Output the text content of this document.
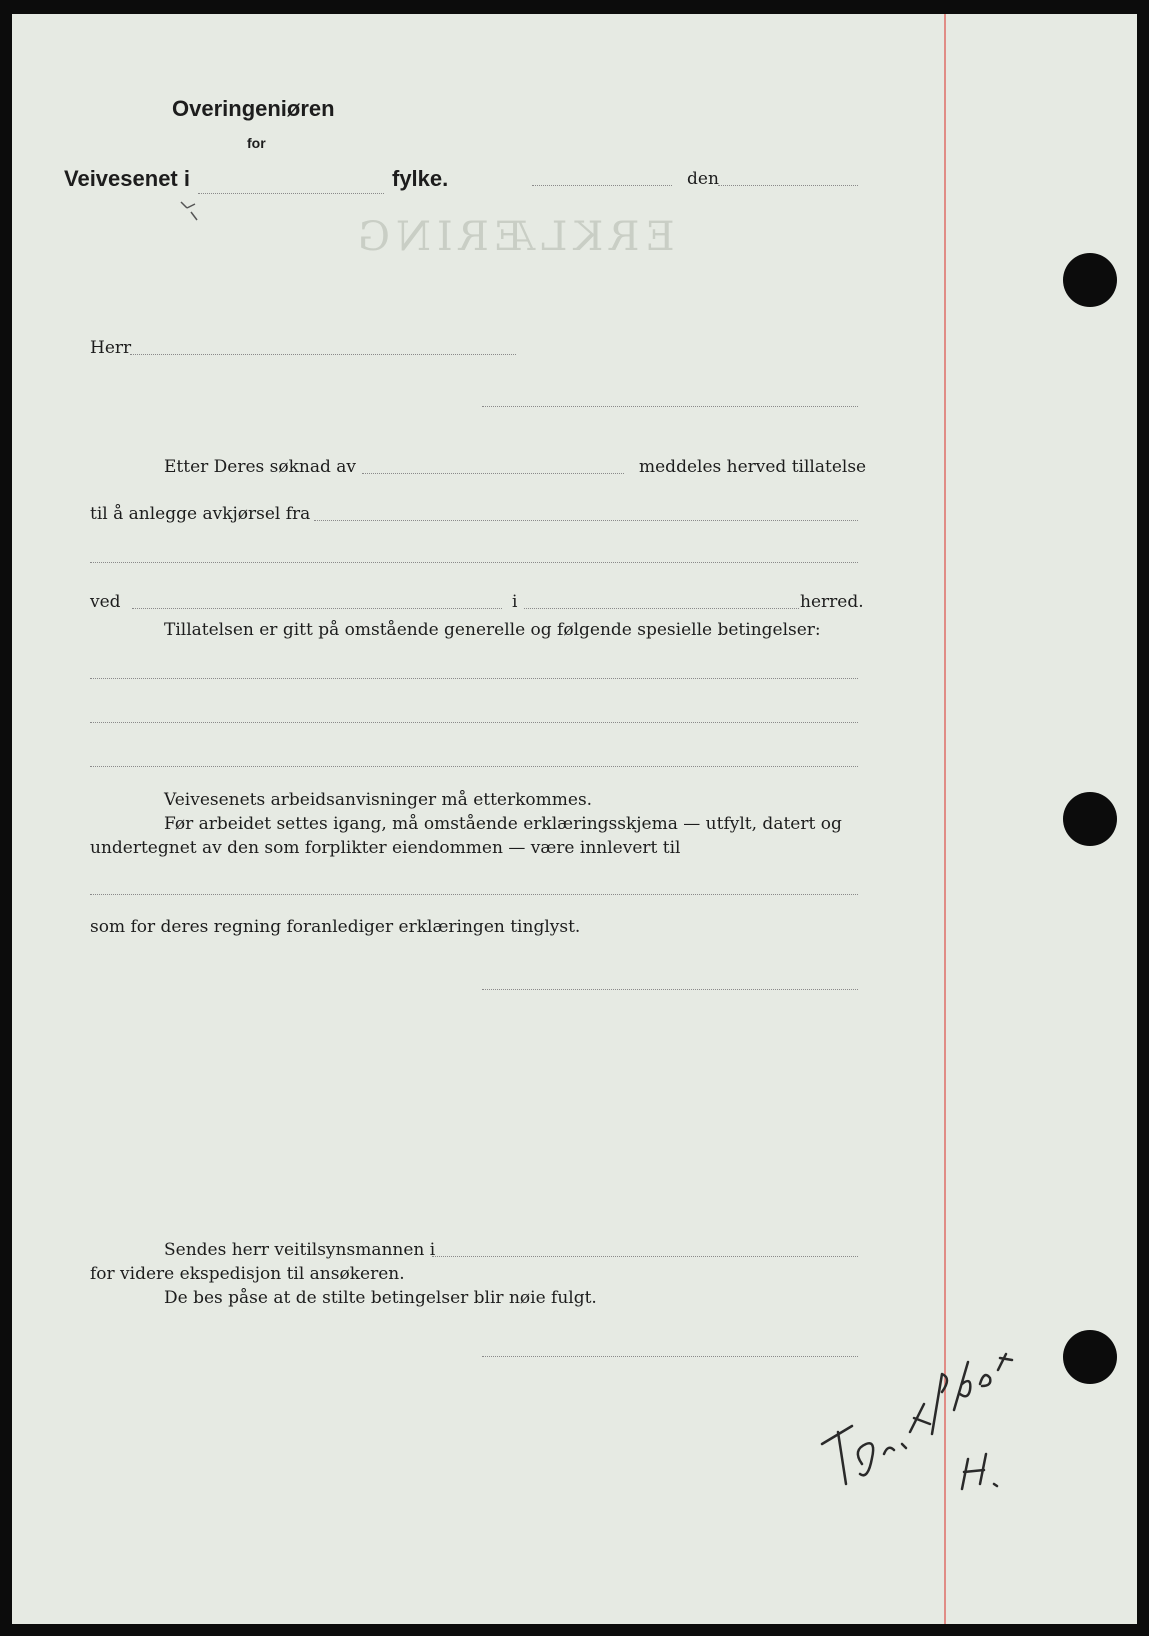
ERKLÆRING
Overingeniøren
for
Veivesenet i	fylke.	den
Herr
Etter Deres søknad av	meddeles herved tillatelse
til å anlegge avkjørsel fra
ved	i	herred.
Tillatelsen er gitt på omstående generelle og følgende spesielle betingelser:
Veivesenets arbeidsanvisninger må etterkommes.
Før arbeidet settes igang, må omstående erklæringsskjema — utfylt, datert og
undertegnet av den som forplikter eiendommen — være innlevert til
som for deres regning foranlediger erklæringen tinglyst.
Sendes herr veitilsynsmannen i
for videre ekspedisjon til ansøkeren.
De bes påse at de stilte betingelser blir nøie fulgt.
